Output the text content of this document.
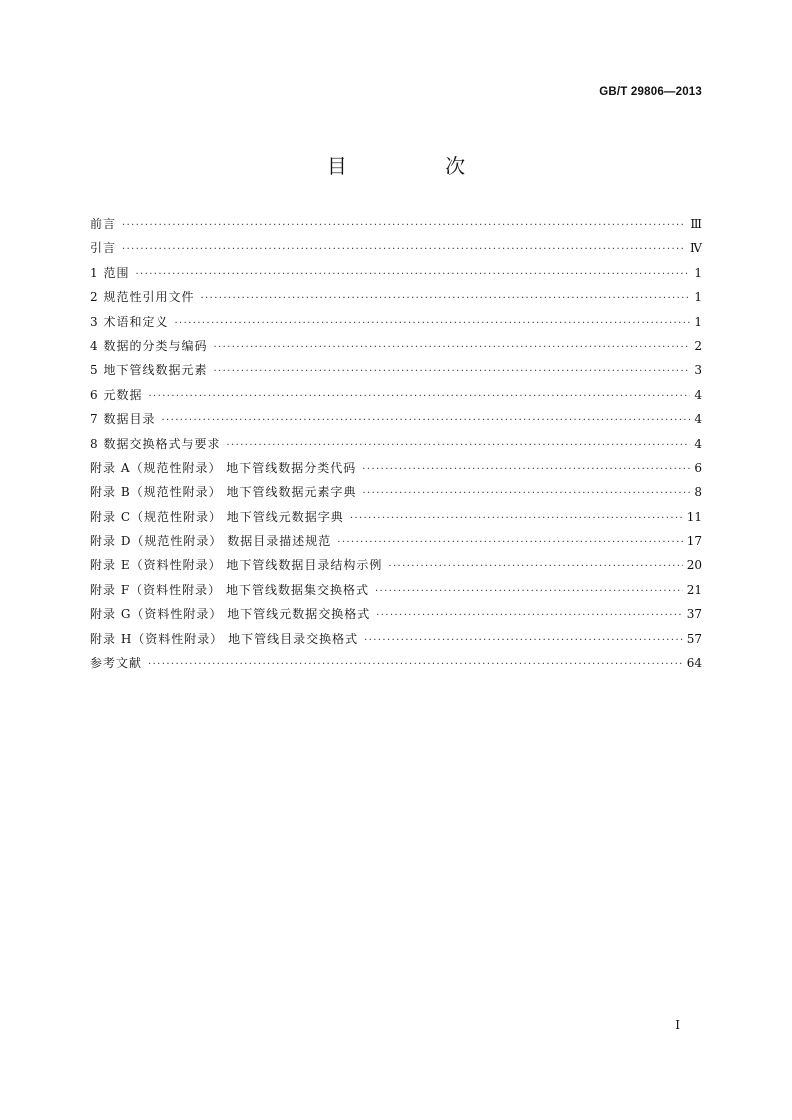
GB/T 29806—2013
目 次
前言 ·····	Ⅲ
引言 ·····	Ⅳ
1 范围 ·····	1
2 规范性引用文件 ·····	1
3 术语和定义 ·····	1
4 数据的分类与编码 ·····	2
5 地下管线数据元素 ·····	3
6 元数据 ·····	4
7 数据目录 ·····	4
8 数据交换格式与要求 ·····	4
附录 A（规范性附录） 地下管线数据分类代码 ·····	6
附录 B（规范性附录） 地下管线数据元素字典 ·····	8
附录 C（规范性附录） 地下管线元数据字典 ·····	11
附录 D（规范性附录） 数据目录描述规范 ·····	17
附录 E（资料性附录） 地下管线数据目录结构示例 ·····	20
附录 F（资料性附录） 地下管线数据集交换格式 ·····	21
附录 G（资料性附录） 地下管线元数据交换格式 ·····	37
附录 H（资料性附录） 地下管线目录交换格式 ·····	57
参考文献 ·····	64
Ⅰ
